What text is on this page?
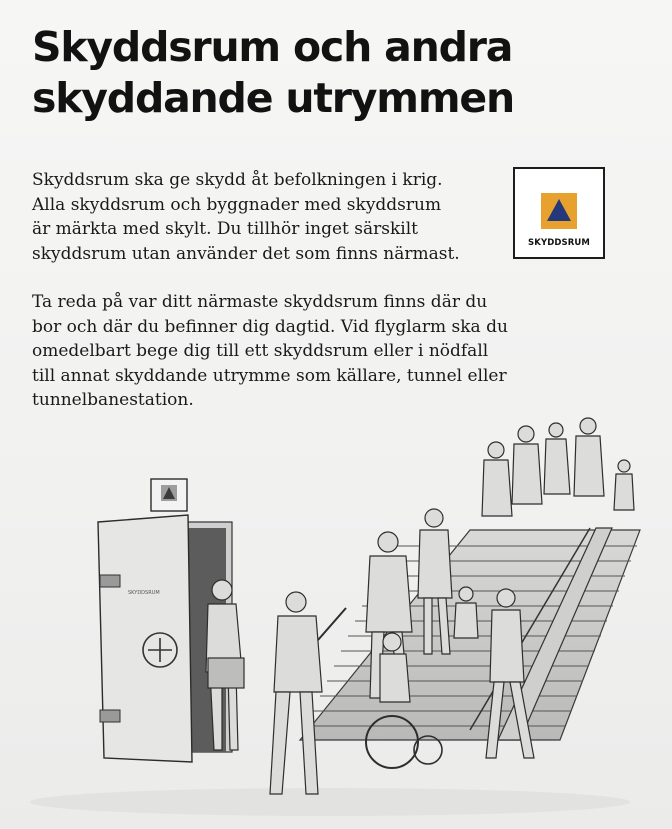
Skyddsrum och andra
skyddande utrymmen

Skyddsrum ska ge skydd åt befolkningen i krig.
Alla skyddsrum och byggnader med skyddsrum
är märkta med skylt. Du tillhör inget särskilt
skyddsrum utan använder det som finns närmast.

SKYDDSRUM

Ta reda på var ditt närmaste skyddsrum finns där du
bor och där du befinner dig dagtid. Vid flyglarm ska du
omedelbart bege dig till ett skyddsrum eller i nödfall
till annat skyddande utrymme som källare, tunnel eller
tunnelbanestation.

SKYDDSRUM
